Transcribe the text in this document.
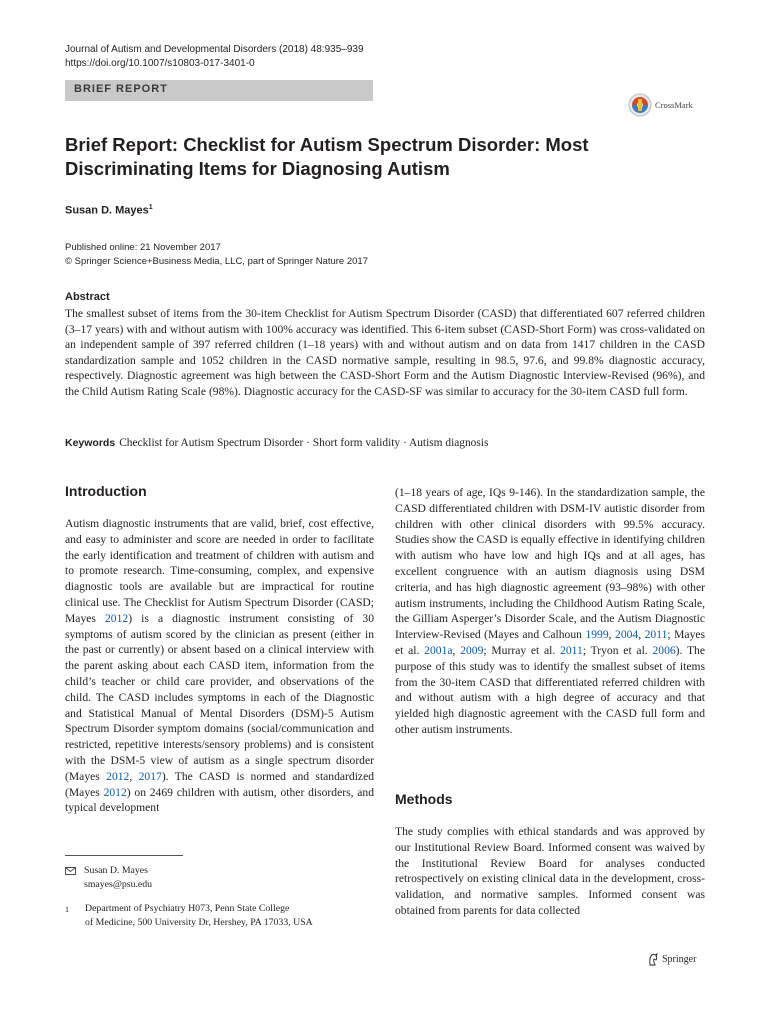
Journal of Autism and Developmental Disorders (2018) 48:935–939
https://doi.org/10.1007/s10803-017-3401-0
BRIEF REPORT
CrossMark
Brief Report: Checklist for Autism Spectrum Disorder: Most Discriminating Items for Diagnosing Autism
Susan D. Mayes$^1$
Published online: 21 November 2017
© Springer Science+Business Media, LLC, part of Springer Nature 2017
Abstract
The smallest subset of items from the 30-item Checklist for Autism Spectrum Disorder (CASD) that differentiated 607 referred children (3–17 years) with and without autism with 100% accuracy was identified. This 6-item subset (CASD-Short Form) was cross-validated on an independent sample of 397 referred children (1–18 years) with and without autism and on data from 1417 children in the CASD standardization sample and 1052 children in the CASD normative sample, resulting in 98.5, 97.6, and 99.8% diagnostic accuracy, respectively. Diagnostic agreement was high between the CASD-Short Form and the Autism Diagnostic Interview-Revised (96%), and the Child Autism Rating Scale (98%). Diagnostic accuracy for the CASD-SF was similar to accuracy for the 30-item CASD full form.
Keywords Checklist for Autism Spectrum Disorder · Short form validity · Autism diagnosis
Introduction
Autism diagnostic instruments that are valid, brief, cost effective, and easy to administer and score are needed in order to facilitate the early identification and treatment of children with autism and to promote research. Time-consuming, complex, and expensive diagnostic tools are available but are impractical for routine clinical use. The Checklist for Autism Spectrum Disorder (CASD; Mayes 2012) is a diagnostic instrument consisting of 30 symptoms of autism scored by the clinician as present (either in the past or currently) or absent based on a clinical interview with the parent asking about each CASD item, information from the child’s teacher or child care provider, and observations of the child. The CASD includes symptoms in each of the Diagnostic and Statistical Manual of Mental Disorders (DSM)-5 Autism Spectrum Disorder symptom domains (social/communication and restricted, repetitive interests/sensory problems) and is consistent with the DSM-5 view of autism as a single spectrum disorder (Mayes 2012, 2017). The CASD is normed and standardized (Mayes 2012) on 2469 children with autism, other disorders, and typical development
(1–18 years of age, IQs 9-146). In the standardization sample, the CASD differentiated children with DSM-IV autistic disorder from children with other clinical disorders with 99.5% accuracy. Studies show the CASD is equally effective in identifying children with autism who have low and high IQs and at all ages, has excellent congruence with an autism diagnosis using DSM criteria, and has high diagnostic agreement (93–98%) with other autism instruments, including the Childhood Autism Rating Scale, the Gilliam Asperger’s Disorder Scale, and the Autism Diagnostic Interview-Revised (Mayes and Calhoun 1999, 2004, 2011; Mayes et al. 2001a, 2009; Murray et al. 2011; Tryon et al. 2006). The purpose of this study was to identify the smallest subset of items from the 30-item CASD that differentiated referred children with and without autism with a high degree of accuracy and that yielded high diagnostic agreement with the CASD full form and other autism instruments.
Methods
The study complies with ethical standards and was approved by our Institutional Review Board. Informed consent was waived by the Institutional Review Board for analyses conducted retrospectively on existing clinical data in the development, cross-validation, and normative samples. Informed consent was obtained from parents for data collected
Susan D. Mayes
smayes@psu.edu
1	Department of Psychiatry H073, Penn State College
of Medicine, 500 University Dr, Hershey, PA 17033, USA
Springer
